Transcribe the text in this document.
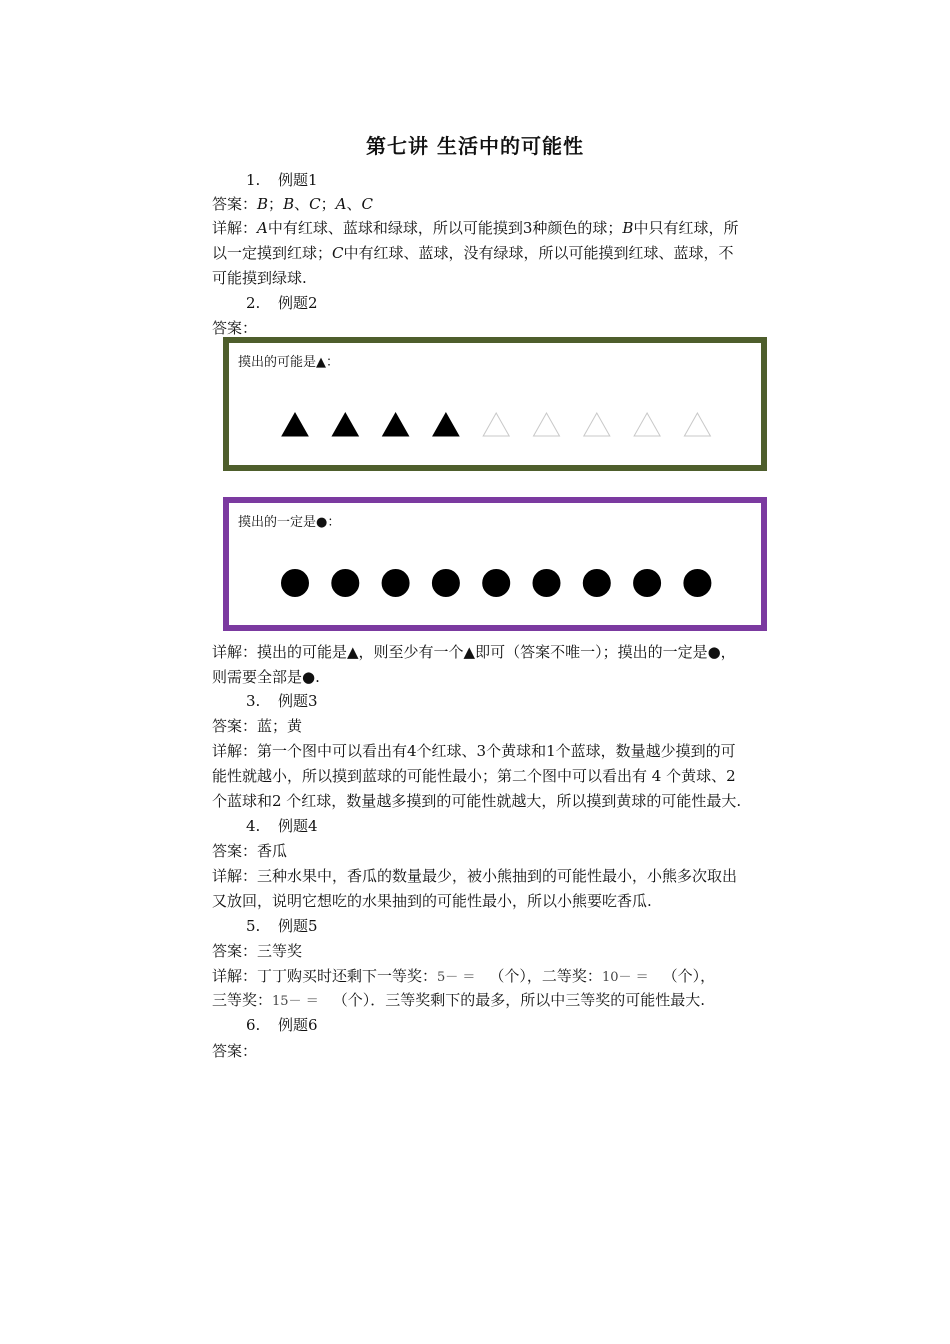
第七讲 生活中的可能性
1. 例题1
答案：B；B、C；A、C
详解：A中有红球、蓝球和绿球，所以可能摸到3种颜色的球；B中只有红球，所
以一定摸到红球；C中有红球、蓝球，没有绿球，所以可能摸到红球、蓝球，不
可能摸到绿球.
2. 例题2
答案：
摸出的可能是▲：
摸出的一定是●：
详解：摸出的可能是▲，则至少有一个▲即可（答案不唯一）；摸出的一定是●，
则需要全部是●.
3. 例题3
答案：蓝；黄
详解：第一个图中可以看出有4个红球、3个黄球和1个蓝球，数量越少摸到的可
能性就越小，所以摸到蓝球的可能性最小；第二个图中可以看出有 4 个黄球、2
个蓝球和2 个红球，数量越多摸到的可能性就越大，所以摸到黄球的可能性最大.
4. 例题4
答案：香瓜
详解：三种水果中，香瓜的数量最少，被小熊抽到的可能性最小，小熊多次取出
又放回，说明它想吃的水果抽到的可能性最小，所以小熊要吃香瓜.
5. 例题5
答案：三等奖
详解：丁丁购买时还剩下一等奖：5－ ＝ （个），二等奖：10－ ＝ （个），
三等奖：15－ ＝ （个）．三等奖剩下的最多，所以中三等奖的可能性最大.
6. 例题6
答案：
